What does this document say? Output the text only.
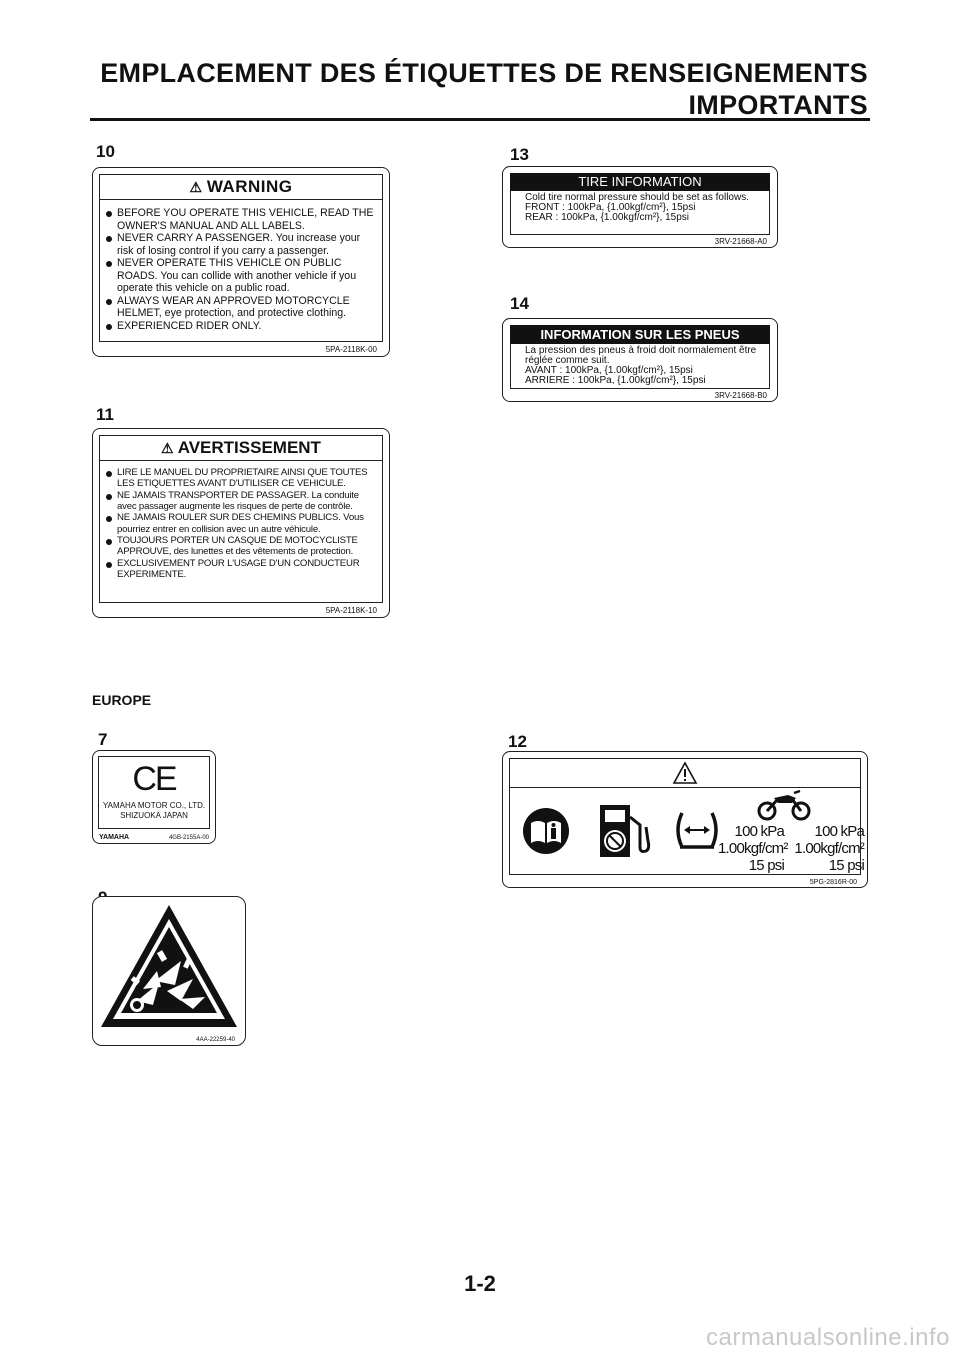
EMPLACEMENT DES ÉTIQUETTES DE RENSEIGNEMENTS
IMPORTANTS
10
⚠ WARNING
BEFORE YOU OPERATE THIS VEHICLE, READ THE OWNER'S MANUAL AND ALL LABELS.
NEVER CARRY A PASSENGER. You increase your risk of losing control if you carry a passenger.
NEVER OPERATE THIS VEHICLE ON PUBLIC ROADS. You can collide with another vehicle if you operate this vehicle on a public road.
ALWAYS WEAR AN APPROVED MOTORCYCLE HELMET, eye protection, and protective clothing.
EXPERIENCED RIDER ONLY.
5PA-2118K-00
11
⚠ AVERTISSEMENT
LIRE LE MANUEL DU PROPRIETAIRE AINSI QUE TOUTES LES ETIQUETTES AVANT D'UTILISER CE VEHICULE.
NE JAMAIS TRANSPORTER DE PASSAGER. La conduite avec passager augmente les risques de perte de contrôle.
NE JAMAIS ROULER SUR DES CHEMINS PUBLICS. Vous pourriez entrer en collision avec un autre véhicule.
TOUJOURS PORTER UN CASQUE DE MOTOCYCLISTE APPROUVE, des lunettes et des vêtements de protection.
EXCLUSIVEMENT POUR L'USAGE D'UN CONDUCTEUR EXPERIMENTE.
5PA-2118K-10
13
TIRE INFORMATION
Cold tire normal pressure should be set as follows.
FRONT : 100kPa, {1.00kgf/cm²}, 15psi
REAR : 100kPa, {1.00kgf/cm²}, 15psi
3RV-21668-A0
14
INFORMATION SUR LES PNEUS
La pression des pneus à froid doit normalement être réglée comme suit.
AVANT : 100kPa, {1.00kgf/cm²}, 15psi
ARRIERE : 100kPa, {1.00kgf/cm²}, 15psi
3RV-21668-B0
EUROPE
7
CE
YAMAHA MOTOR CO., LTD.
SHIZUOKA JAPAN
YAMAHA	4GB-2155A-00
12
100 kPa
1.00kgf/cm²
15 psi
100 kPa
1.00kgf/cm²
15 psi
5PG-2816R-00
4AA-22259-40
1-2
carmanualsonline.info
